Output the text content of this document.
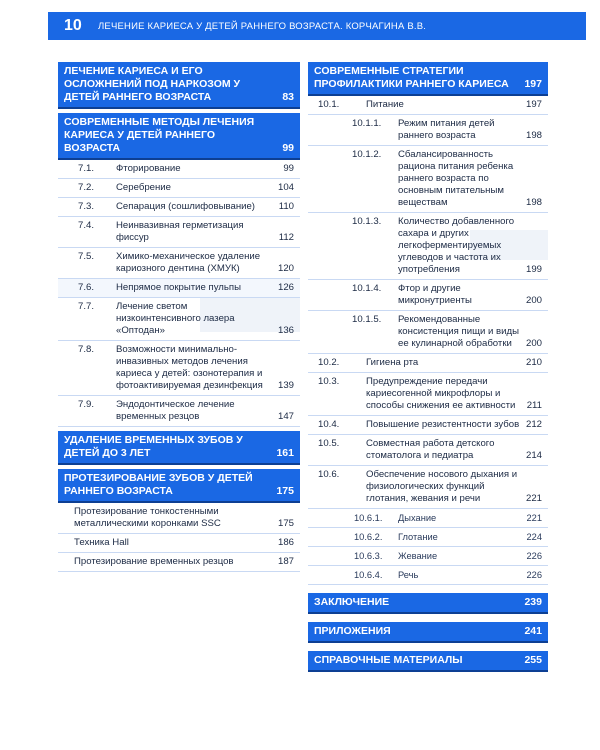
10	ЛЕЧЕНИЕ КАРИЕСА У ДЕТЕЙ РАННЕГО ВОЗРАСТА. КОРЧАГИНА В.В.
ЛЕЧЕНИЕ КАРИЕСА И ЕГО ОСЛОЖНЕНИЙ ПОД НАРКОЗОМ У ДЕТЕЙ РАННЕГО ВОЗРАСТА	83
СОВРЕМЕННЫЕ МЕТОДЫ ЛЕЧЕНИЯ КАРИЕСА У ДЕТЕЙ РАННЕГО ВОЗРАСТА	99
7.1. Фторирование	99
7.2. Серебрение	104
7.3. Сепарация (сошлифовывание) 110
7.4. Неинвазивная герметизация фиссур	112
7.5. Химико-механическое удаление кариозного дентина (ХМУК)	120
7.6. Непрямое покрытие пульпы	126
7.7. Лечение светом низкоинтенсивного лазера «Оптодан»	136
7.8. Возможности минимально-инвазивных методов лечения кариеса у детей: озонотерапия и фотоактивируемая дезинфекция 139
7.9. Эндодонтическое лечение временных резцов	147
УДАЛЕНИЕ ВРЕМЕННЫХ ЗУБОВ У ДЕТЕЙ ДО 3 ЛЕТ	161
ПРОТЕЗИРОВАНИЕ ЗУБОВ У ДЕТЕЙ РАННЕГО ВОЗРАСТА	175
Протезирование тонкостенными металлическими коронками SSC	175
Техника Hall	186
Протезирование временных резцов	187
СОВРЕМЕННЫЕ СТРАТЕГИИ ПРОФИЛАКТИКИ РАННЕГО КАРИЕСА	197
10.1.	Питание	197
10.1.1. Режим питания детей раннего возраста	198
10.1.2. Сбалансированность рациона питания ребенка раннего возраста по основным питательным веществам	198
10.1.3. Количество добавленного сахара и других легкоферментируемых углеводов и частота их употребления	199
10.1.4. Фтор и другие микронутриенты	200
10.1.5. Рекомендованные консистенция пищи и виды ее кулинарной обработки 200
10.2.	Гигиена рта	210
10.3.	Предупреждение передачи кариесогенной микрофлоры и способы снижения ее активности 211
10.4.	Повышение резистентности зубов 212
10.5.	Совместная работа детского стоматолога и педиатра	214
10.6.	Обеспечение носового дыхания и физиологических функций глотания, жевания и речи	221
10.6.1. Дыхание	221
10.6.2. Глотание	224
10.6.3. Жевание	226
10.6.4. Речь	226
ЗАКЛЮЧЕНИЕ	239
ПРИЛОЖЕНИЯ	241
СПРАВОЧНЫЕ МАТЕРИАЛЫ	255
